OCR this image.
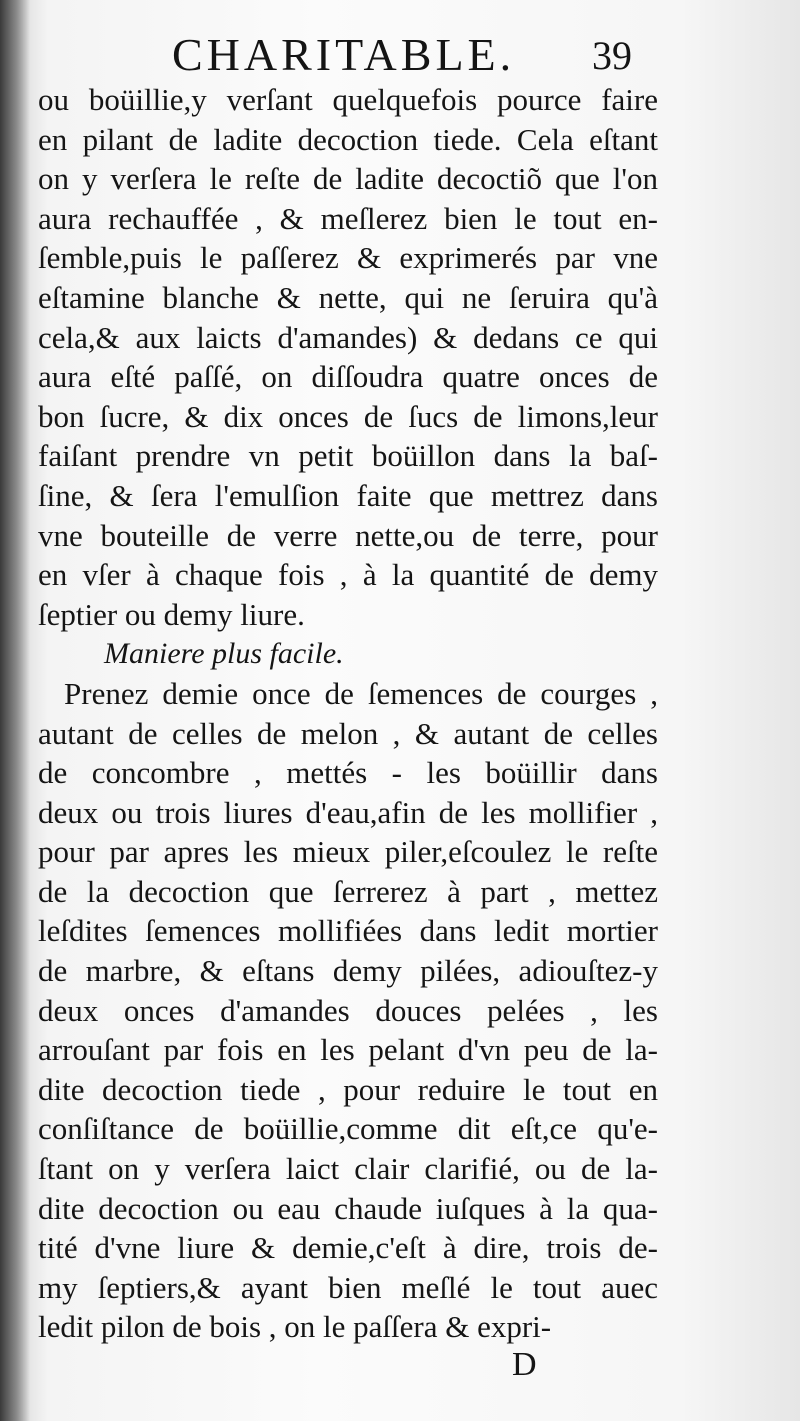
CHARITABLE. 39
ou boüillie,y verſant quelquefois pource faire
en pilant de ladite decoction tiede. Cela eſtant
on y verſera le reſte de ladite decoctiõ que l'on
aura rechauffée , & meſlerez bien le tout en-
ſemble,puis le paſſerez & exprimerés par vne
eſtamine blanche & nette, qui ne ſeruira qu'à
cela,& aux laicts d'amandes) & dedans ce qui
aura eſté paſſé, on diſſoudra quatre onces de
bon ſucre, & dix onces de ſucs de limons,leur
faiſant prendre vn petit boüillon dans la baſ-
ſine, & ſera l'emulſion faite que mettrez dans
vne bouteille de verre nette,ou de terre, pour
en vſer à chaque fois , à la quantité de demy
ſeptier ou demy liure.
Maniere plus facile.
Prenez demie once de ſemences de courges ,
autant de celles de melon , & autant de celles
de concombre , mettés - les boüillir dans
deux ou trois liures d'eau,afin de les mollifier ,
pour par apres les mieux piler,eſcoulez le reſte
de la decoction que ſerrerez à part , mettez
leſdites ſemences mollifiées dans ledit mortier
de marbre, & eſtans demy pilées, adiouſtez-y
deux onces d'amandes douces pelées , les
arrouſant par fois en les pelant d'vn peu de la-
dite decoction tiede , pour reduire le tout en
conſiſtance de boüillie,comme dit eſt,ce qu'e-
ſtant on y verſera laict clair clarifié, ou de la-
dite decoction ou eau chaude iuſques à la qua-
tité d'vne liure & demie,c'eſt à dire, trois de-
my ſeptiers,& ayant bien meſlé le tout auec
ledit pilon de bois , on le paſſera & expri-
D
